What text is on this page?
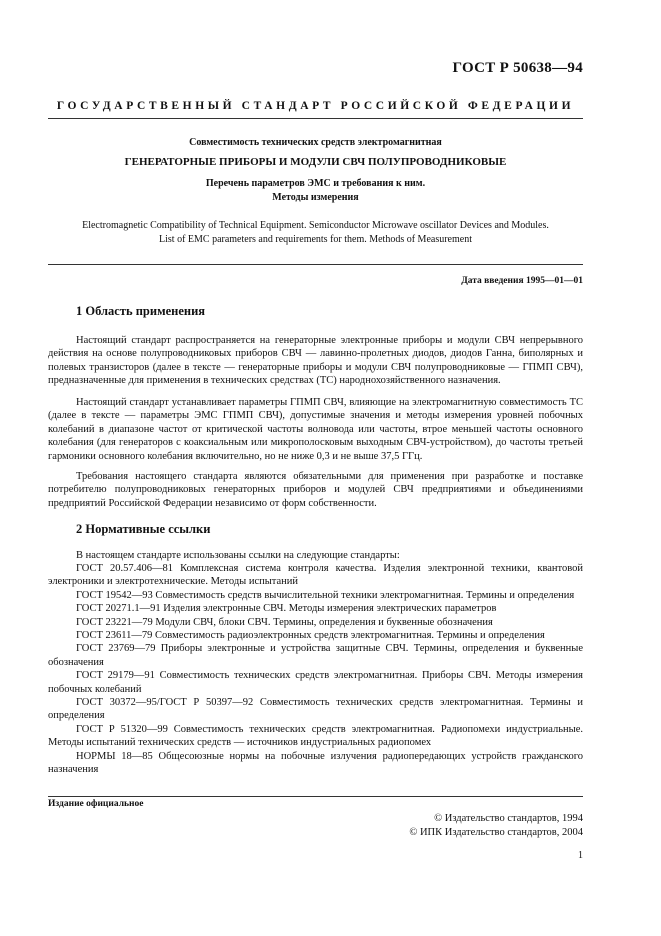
ГОСТ Р 50638—94
ГОСУДАРСТВЕННЫЙ СТАНДАРТ РОССИЙСКОЙ ФЕДЕРАЦИИ
Совместимость технических средств электромагнитная
ГЕНЕРАТОРНЫЕ ПРИБОРЫ И МОДУЛИ СВЧ ПОЛУПРОВОДНИКОВЫЕ
Перечень параметров ЭМС и требования к ним.
Методы измерения
Electromagnetic Compatibility of Technical Equipment. Semiconductor Microwave oscillator Devices and Modules.
List of EMC parameters and requirements for them. Methods of Measurement
Дата введения 1995—01—01
1 Область применения

Настоящий стандарт распространяется на генераторные электронные приборы и модули СВЧ непрерывного действия на основе полупроводниковых приборов СВЧ — лавинно-пролетных диодов, диодов Ганна, биполярных и полевых транзисторов (далее в тексте — генераторные приборы и модули СВЧ полупроводниковые — ГПМП СВЧ), предназначенные для применения в технических средствах (ТС) народнохозяйственного назначения.

Настоящий стандарт устанавливает параметры ГПМП СВЧ, влияющие на электромагнитную совместимость ТС (далее в тексте — параметры ЭМС ГПМП СВЧ), допустимые значения и методы измерения уровней побочных колебаний в диапазоне частот от критической частоты волновода или частоты, втрое меньшей частоты основного колебания (для генераторов с коаксиальным или микрополосковым выходным СВЧ-устройством), до частоты третьей гармоники основного колебания включительно, но не ниже 0,3 и не выше 37,5 ГГц.

Требования настоящего стандарта являются обязательными для применения при разработке и поставке потребителю полупроводниковых генераторных приборов и модулей СВЧ предприятиями и объединениями предприятий Российской Федерации независимо от форм собственности.

2 Нормативные ссылки

В настоящем стандарте использованы ссылки на следующие стандарты:

ГОСТ 20.57.406—81 Комплексная система контроля качества. Изделия электронной техники, квантовой электроники и электротехнические. Методы испытаний
ГОСТ 19542—93 Совместимость средств вычислительной техники электромагнитная. Термины и определения
ГОСТ 20271.1—91 Изделия электронные СВЧ. Методы измерения электрических параметров
ГОСТ 23221—79 Модули СВЧ, блоки СВЧ. Термины, определения и буквенные обозначения
ГОСТ 23611—79 Совместимость радиоэлектронных средств электромагнитная. Термины и определения
ГОСТ 23769—79 Приборы электронные и устройства защитные СВЧ. Термины, определения и буквенные обозначения
ГОСТ 29179—91 Совместимость технических средств электромагнитная. Приборы СВЧ. Методы измерения побочных колебаний
ГОСТ 30372—95/ГОСТ Р 50397—92 Совместимость технических средств электромагнитная. Термины и определения
ГОСТ Р 51320—99 Совместимость технических средств электромагнитная. Радиопомехи индустриальные. Методы испытаний технических средств — источников индустриальных радиопомех
НОРМЫ 18—85 Общесоюзные нормы на побочные излучения радиопередающих устройств гражданского назначения
Издание официальное
© Издательство стандартов, 1994
© ИПК Издательство стандартов, 2004
1
